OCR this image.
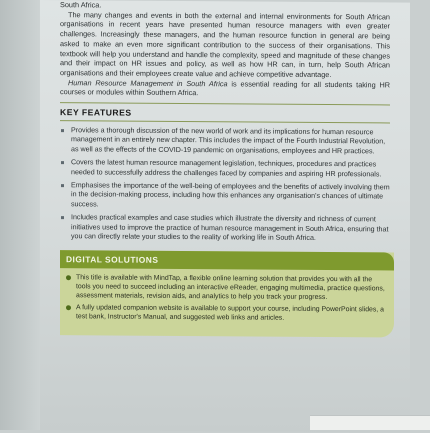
South Africa.

The many changes and events in both the external and internal environments for South African organisations in recent years have presented human resource managers with even greater challenges. Increasingly these managers, and the human resource function in general are being asked to make an even more significant contribution to the success of their organisations. This textbook will help you understand and handle the complexity, speed and magnitude of these changes and their impact on HR issues and policy, as well as how HR can, in turn, help South African organisations and their employees create value and achieve competitive advantage.

Human Resource Management in South Africa is essential reading for all students taking HR courses or modules within Southern Africa.

KEY FEATURES
Provides a thorough discussion of the new world of work and its implications for human resource management in an entirely new chapter. This includes the impact of the Fourth Industrial Revolution, as well as the effects of the COVID-19 pandemic on organisations, employees and HR practices.
Covers the latest human resource management legislation, techniques, procedures and practices needed to successfully address the challenges faced by companies and aspiring HR professionals.
Emphasises the importance of the well-being of employees and the benefits of actively involving them in the decision-making process, including how this enhances any organisation's chances of ultimate success.
Includes practical examples and case studies which illustrate the diversity and richness of current initiatives used to improve the practice of human resource management in South Africa, ensuring that you can directly relate your studies to the reality of working life in South Africa.
DIGITAL SOLUTIONS
This title is available with MindTap, a flexible online learning solution that provides you with all the tools you need to succeed including an interactive eReader, engaging multimedia, practice questions, assessment materials, revision aids, and analytics to help you track your progress.
A fully updated companion website is available to support your course, including PowerPoint slides, a test bank, Instructor's Manual, and suggested web links and articles.
